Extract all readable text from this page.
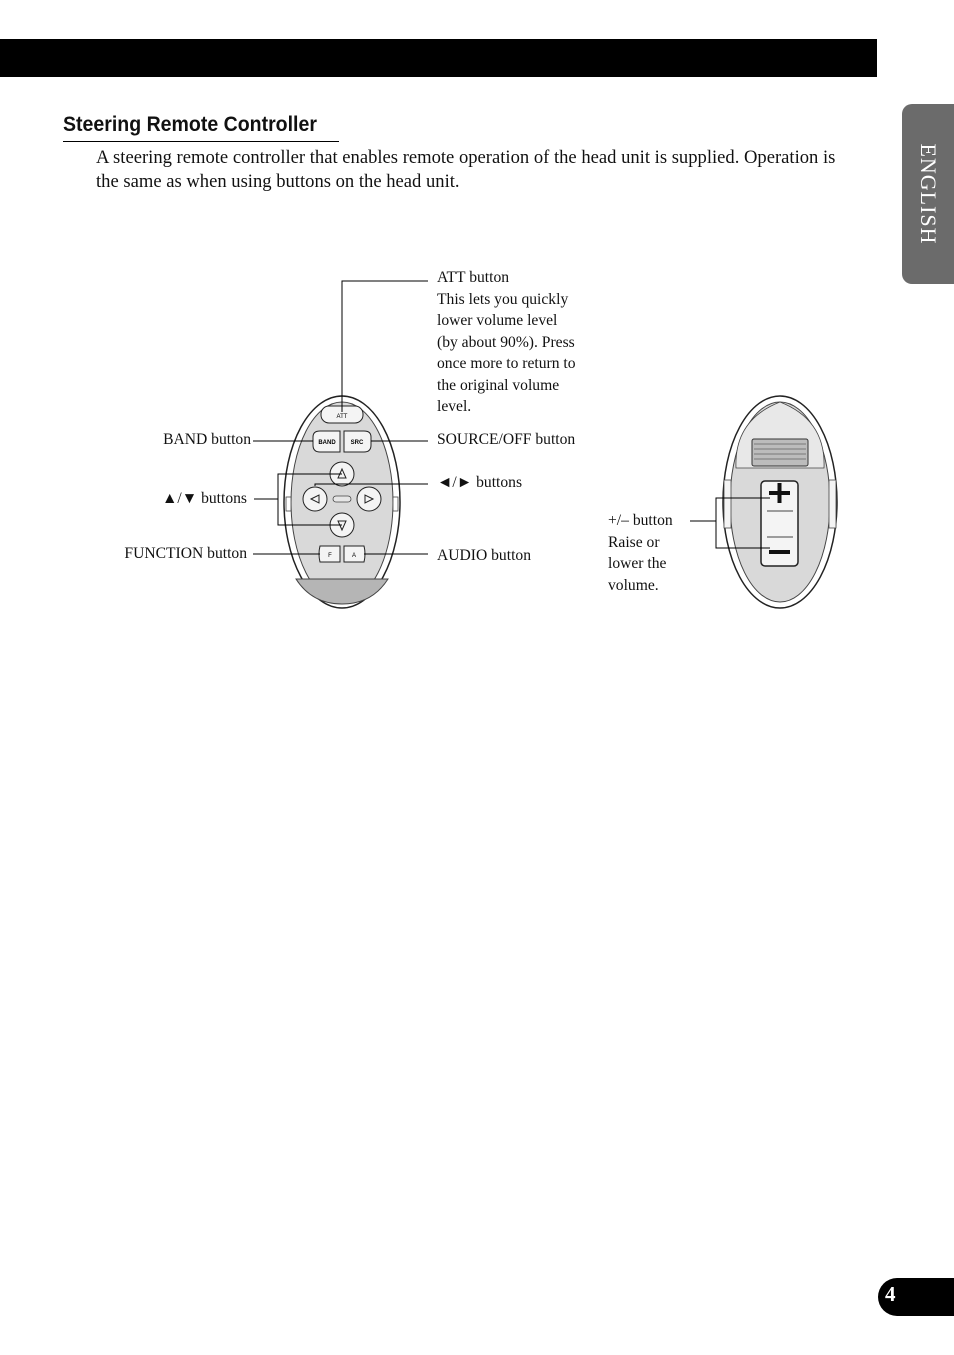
ENGLISH
Steering Remote Controller

A steering remote controller that enables remote operation of the head unit is supplied. Operation is the same as when using buttons on the head unit.

ATT
BAND SRC
F	A
ATT button
This lets you quickly
lower volume level
(by about 90%). Press
once more to return to
the original volume
level.
BAND button	SOURCE/OFF button
▲/▼ buttons
◄/► buttons
FUNCTION button	AUDIO button
+/– button
Raise or
lower the
volume.
4
